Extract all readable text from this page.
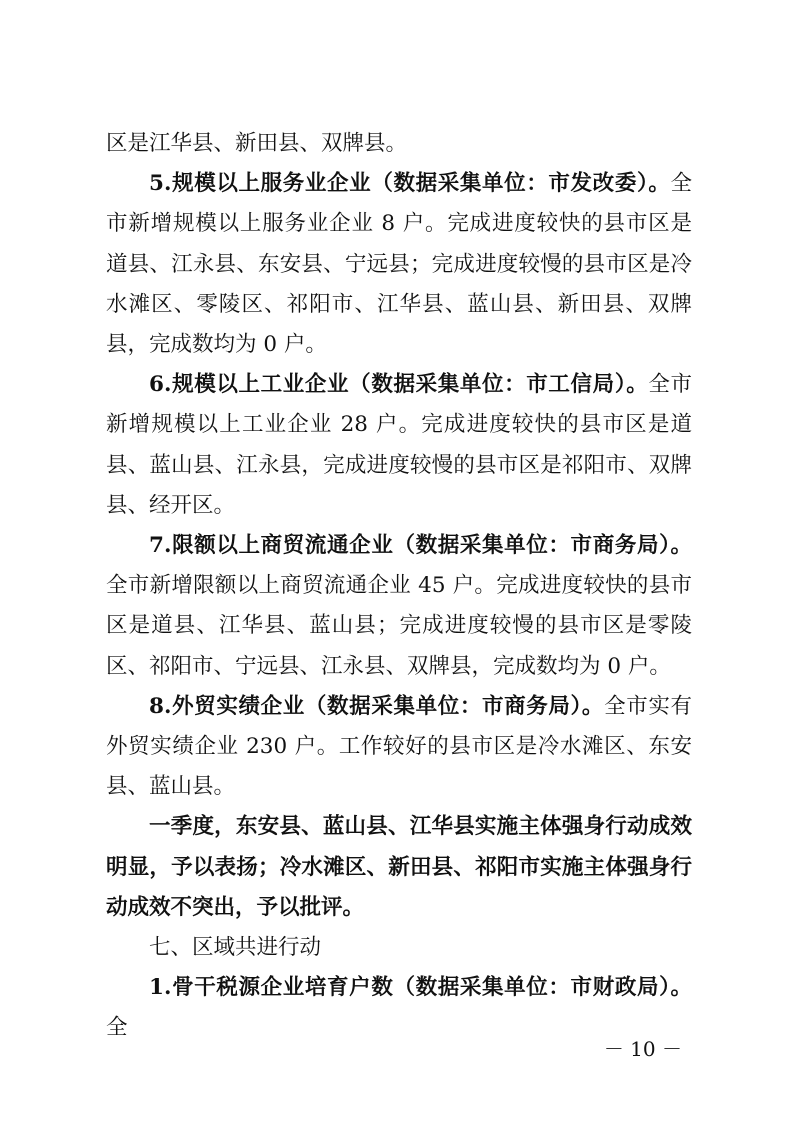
区是江华县、新田县、双牌县。

5.规模以上服务业企业（数据采集单位：市发改委）。全市新增规模以上服务业企业 8 户。完成进度较快的县市区是道县、江永县、东安县、宁远县；完成进度较慢的县市区是冷水滩区、零陵区、祁阳市、江华县、蓝山县、新田县、双牌县，完成数均为 0 户。

6.规模以上工业企业（数据采集单位：市工信局）。全市新增规模以上工业企业 28 户。完成进度较快的县市区是道县、蓝山县、江永县，完成进度较慢的县市区是祁阳市、双牌县、经开区。

7.限额以上商贸流通企业（数据采集单位：市商务局）。全市新增限额以上商贸流通企业 45 户。完成进度较快的县市区是道县、江华县、蓝山县；完成进度较慢的县市区是零陵区、祁阳市、宁远县、江永县、双牌县，完成数均为 0 户。

8.外贸实绩企业（数据采集单位：市商务局）。全市实有外贸实绩企业 230 户。工作较好的县市区是冷水滩区、东安县、蓝山县。

一季度，东安县、蓝山县、江华县实施主体强身行动成效明显，予以表扬；冷水滩区、新田县、祁阳市实施主体强身行动成效不突出，予以批评。

七、区域共进行动

1.骨干税源企业培育户数（数据采集单位：市财政局）。全

－ 10 －
